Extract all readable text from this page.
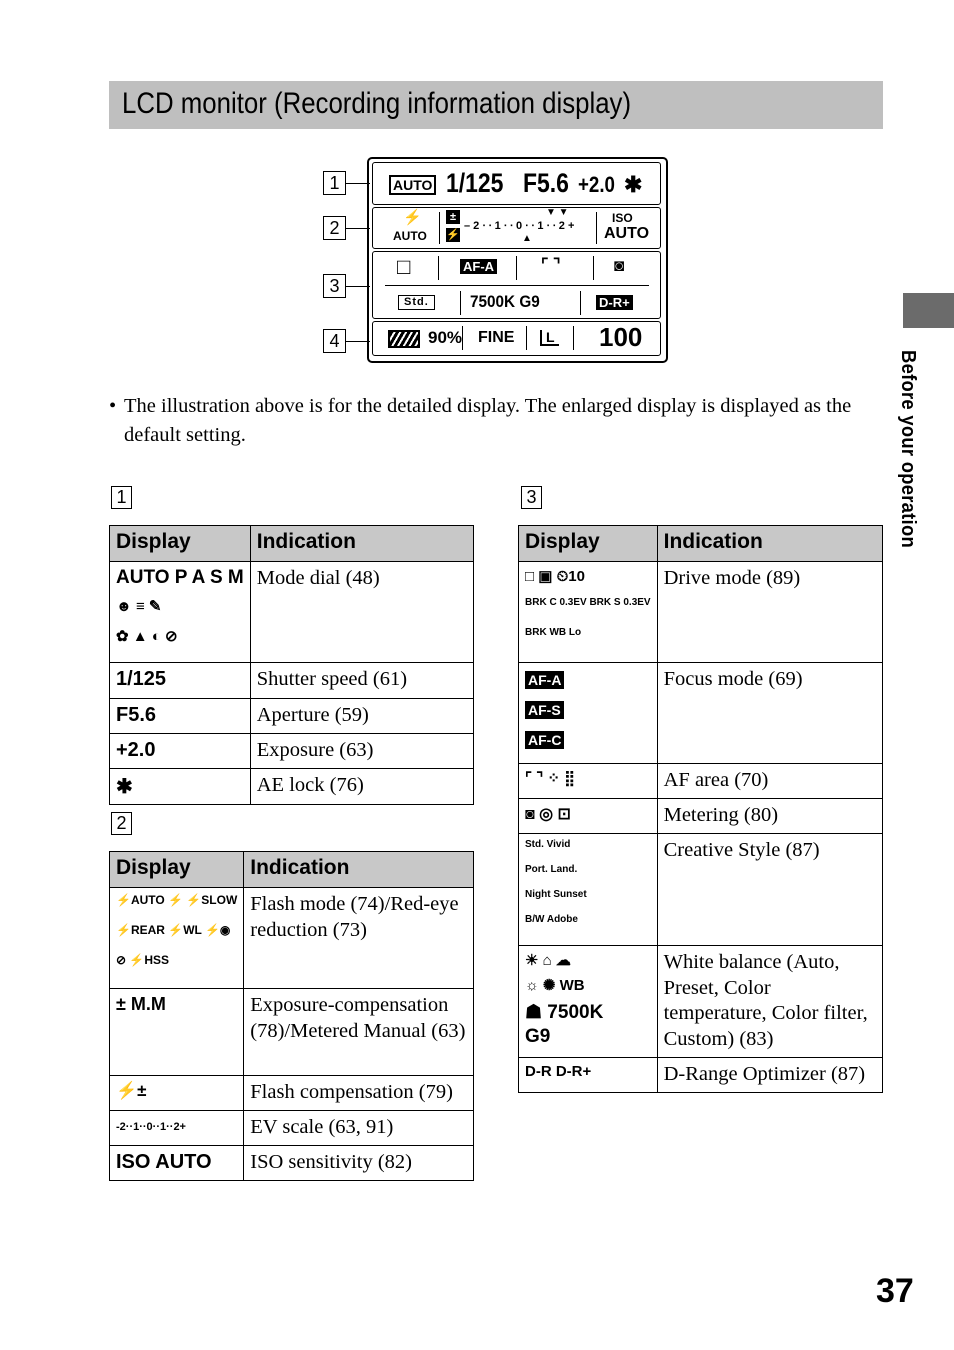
LCD monitor (Recording information display)
Before your operation
1
2
3
4
AUTO 1/125 F5.6 +2.0 ✱
⚡
AUTO
±
⚡
– 2 ∙ ∙ 1 ∙ ∙ 0 ∙ ∙ 1 ∙ ∙ 2 +
▼ ▼
▲
ISO
AUTO
□	AF-A	⌜ ⌝	◙
Std.	7500K G9	D-R+
90% FINE	L 100
• The illustration above is for the detailed display. The enlarged display is displayed as the default setting.
1
Display	Indication

AUTO P A S M
☻ ≡ ✎
✿ ▲ ◐ ⊘	Mode dial (48)
1/125	Shutter speed (61)
F5.6	Aperture (59)
+2.0	Exposure (63)
✱	AE lock (76)
2
Display	Indication

⚡AUTO ⚡ ⚡SLOW
⚡REAR ⚡WL ⚡◉
⊘ ⚡HSS	Flash mode (74)/Red-eye reduction (73)
± M.M	Exposure-compensation (78)/Metered Manual (63)
⚡±	Flash compensation (79)
-2··1··0··1··2+	EV scale (63, 91)
ISO AUTO	ISO sensitivity (82)
3
Display	Indication

□ ▣ ⏲10
BRK C 0.3EV BRK S 0.3EV
BRK WB Lo	Drive mode (89)

AF-A
AF-S
AF-C	Focus mode (69)
⌜ ⌝ ⁘ ⣿	AF area (70)
◙ ◎ ⊡	Metering (80)

Std. Vivid
Port. Land.
Night Sunset
B/W Adobe	Creative Style (87)

☀ ⌂ ☁
☼ ✺ WB
☗ 7500K
G9	White balance (Auto, Preset, Color temperature, Color filter, Custom) (83)
D-R D-R+	D-Range Optimizer (87)
37
